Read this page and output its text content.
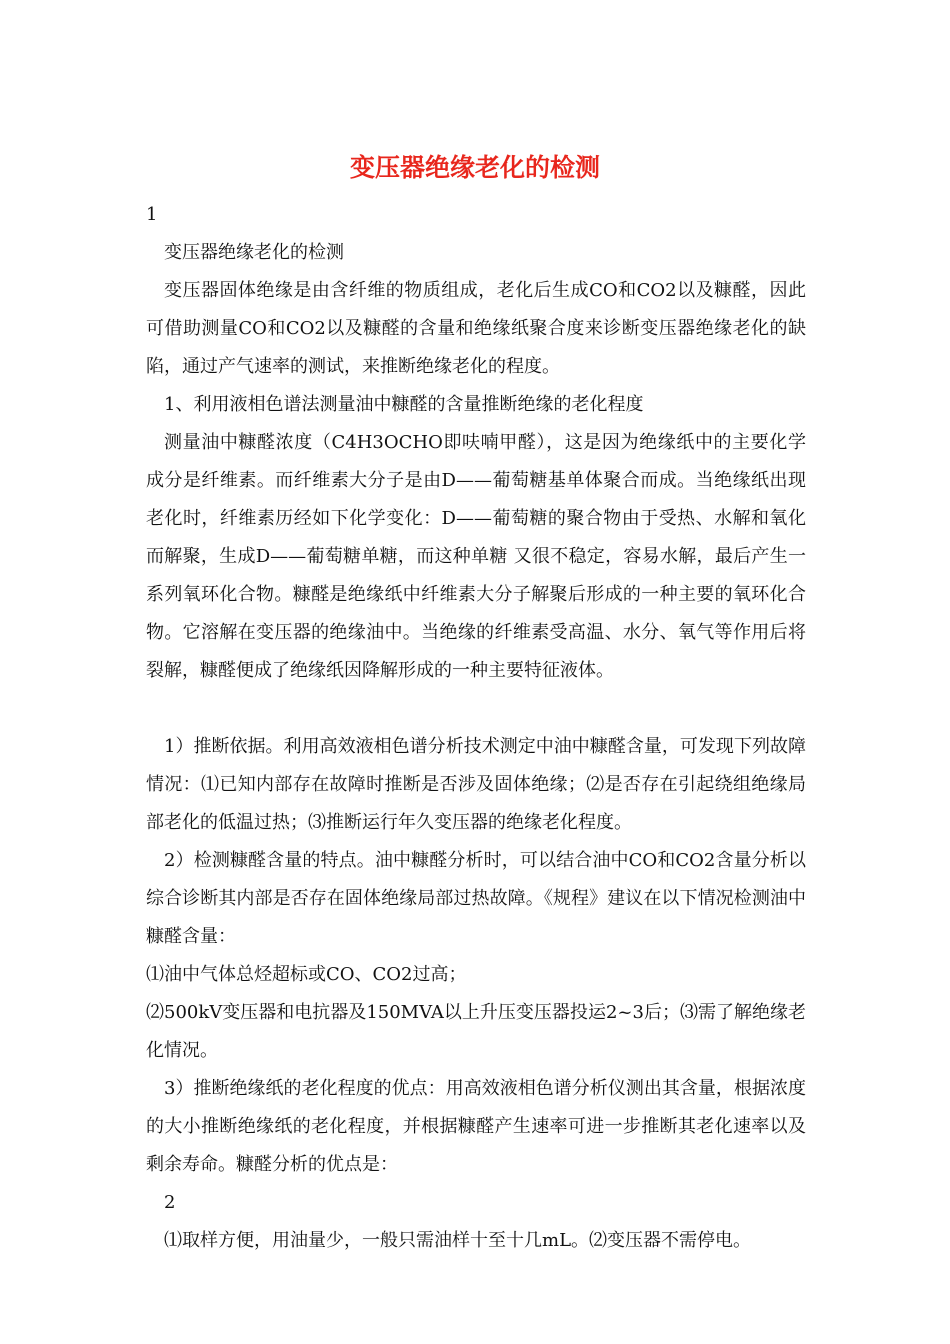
变压器绝缘老化的检测

1

变压器绝缘老化的检测

变压器固体绝缘是由含纤维的物质组成，老化后生成CO和CO2以及糠醛，因此可借助测量CO和CO2以及糠醛的含量和绝缘纸聚合度来诊断变压器绝缘老化的缺陷，通过产气速率的测试，来推断绝缘老化的程度。

1、利用液相色谱法测量油中糠醛的含量推断绝缘的老化程度

测量油中糠醛浓度（C4H3OCHO即呋喃甲醛），这是因为绝缘纸中的主要化学成分是纤维素。而纤维素大分子是由D——葡萄糖基单体聚合而成。当绝缘纸出现老化时，纤维素历经如下化学变化：D——葡萄糖的聚合物由于受热、水解和氧化而解聚，生成D——葡萄糖单糖，而这种单糖 又很不稳定，容易水解，最后产生一系列氧环化合物。糠醛是绝缘纸中纤维素大分子解聚后形成的一种主要的氧环化合物。它溶解在变压器的绝缘油中。当绝缘的纤维素受高温、水分、氧气等作用后将裂解，糠醛便成了绝缘纸因降解形成的一种主要特征液体。

1）推断依据。利用高效液相色谱分析技术测定中油中糠醛含量，可发现下列故障情况：⑴已知内部存在故障时推断是否涉及固体绝缘；⑵是否存在引起绕组绝缘局部老化的低温过热；⑶推断运行年久变压器的绝缘老化程度。

2）检测糠醛含量的特点。油中糠醛分析时，可以结合油中CO和CO2含量分析以综合诊断其内部是否存在固体绝缘局部过热故障。《规程》建议在以下情况检测油中糠醛含量：

⑴油中气体总烃超标或CO、CO2过高；

⑵500kV变压器和电抗器及150MVA以上升压变压器投运2~3后；⑶需了解绝缘老化情况。

3）推断绝缘纸的老化程度的优点：用高效液相色谱分析仪测出其含量，根据浓度的大小推断绝缘纸的老化程度，并根据糠醛产生速率可进一步推断其老化速率以及剩余寿命。糠醛分析的优点是：

2

⑴取样方便，用油量少，一般只需油样十至十几mL。⑵变压器不需停电。
